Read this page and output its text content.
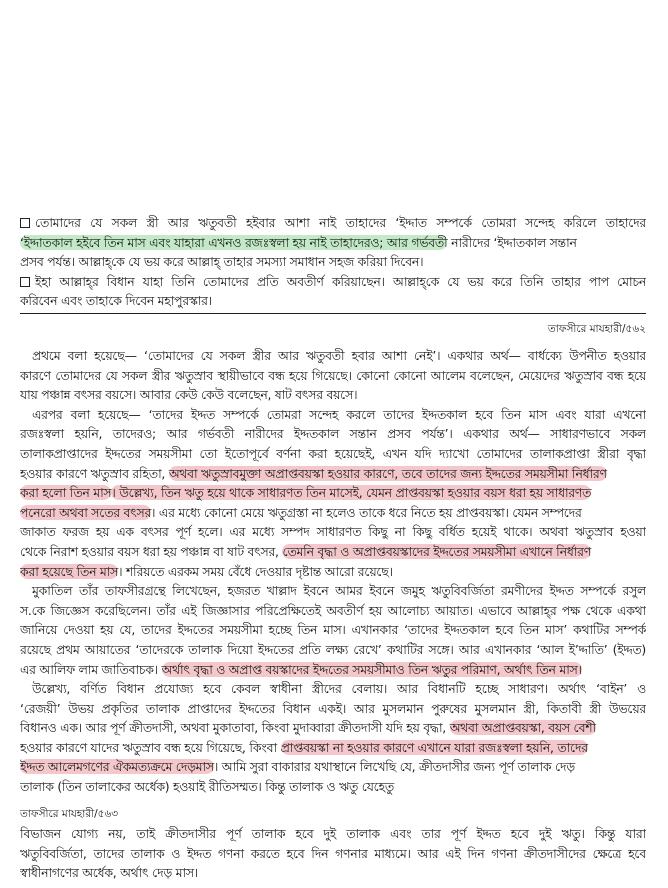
তোমাদের যে সকল স্ত্রী আর ঋতুবতী হইবার আশা নাই তাহাদের ‘ইদ্দাত সম্পর্কে তোমরা সন্দেহ করিলে তাহাদের
‘ইদ্দাতকাল হইবে তিন মাস এবং যাহারা এখনও রজঃস্বলা হয় নাই তাহাদেরও; আর গর্ভবতী নারীদের ‘ইদ্দাতকাল সন্তান
প্রসব পর্যন্ত। আল্লাহ্‌কে যে ভয় করে আল্লাহ্‌ তাহার সমস্যা সমাধান সহজ করিয়া দিবেন।
ইহা আল্লাহ্‌র বিধান যাহা তিনি তোমাদের প্রতি অবতীর্ণ করিয়াছেন। আল্লাহ্‌কে যে ভয় করে তিনি তাহার পাপ মোচন
করিবেন এবং তাহাকে দিবেন মহাপুরস্কার।
তাফসীরে মাযহারী/৫৬২
প্রথমে বলা হয়েছে— ‘তোমাদের যে সকল স্ত্রীর আর ঋতুবতী হবার আশা নেই’। একথার অর্থ— বার্ধক্যে উপনীত হওয়ার
কারণে তোমাদের যে সকল স্ত্রীর ঋতুস্রাব স্থায়ীভাবে বন্ধ হয়ে গিয়েছে। কোনো কোনো আলেম বলেছেন, মেয়েদের ঋতুস্রাব বন্ধ হয়ে
যায় পঞ্চান্ন বৎসর বয়সে। আবার কেউ কেউ বলেছেন, ষাট বৎসর বয়সে।
এরপর বলা হয়েছে— ‘তাদের ইদ্দত সম্পর্কে তোমরা সন্দেহ করলে তাদের ইদ্দতকাল হবে তিন মাস এবং যারা এখনো
রজঃস্বলা হয়নি, তাদেরও; আর গর্ভবতী নারীদের ইদ্দতকাল সন্তান প্রসব পর্যন্ত’। একথার অর্থ— সাধারণভাবে সকল
তালাকপ্রাপ্তাদের ইদ্দতের সময়সীমা তো ইতোপূর্বে বর্ণনা করা হয়েছেই, এখন যদি দ্যাখো তোমাদের তালাকপ্রাপ্তা স্ত্রীরা বৃদ্ধা
হওয়ার কারণে ঋতুস্রাব রহিতা, অথবা ঋতুস্রাবমুক্তা অপ্রাপ্তবয়স্কা হওয়ার কারণে, তবে তাদের জন্য ইদ্দতের সময়সীমা নির্ধারণ
করা হলো তিন মাস। উল্লেখ্য, তিন ঋতু হয়ে থাকে সাধারণত তিন মাসেই, যেমন প্রাপ্তবয়স্কা হওয়ার বয়স ধরা হয় সাধারণত
পনেরো অথবা সতের বৎসর। এর মধ্যে কোনো মেয়ে ঋতুগ্রস্তা না হলেও তাকে ধরে নিতে হয় প্রাপ্তবয়স্কা। যেমন সম্পদের
জাকাত ফরজ হয় এক বৎসর পূর্ণ হলে। এর মধ্যে সম্পদ সাধারণত কিছু না কিছু বর্ধিত হয়েই থাকে। অথবা ঋতুস্রাব হওয়া
থেকে নিরাশ হওয়ার বয়স ধরা হয় পঞ্চান্ন বা ষাট বৎসর, তেমনি বৃদ্ধা ও অপ্রাপ্তবয়স্কাদের ইদ্দতের সময়সীমা এখানে নির্ধারণ
করা হয়েছে তিন মাস। শরিয়তে এরকম সময় বেঁধে দেওয়ার দৃষ্টান্ত আরো রয়েছে।
মুকাতিল তাঁর তাফসীরগ্রন্থে লিখেছেন, হজরত খাল্লাদ ইবনে আমর ইবনে জমুহ ঋতুবিবর্জিতা রমণীদের ইদ্দত সম্পর্কে রসুল
স.কে জিজ্ঞেস করেছিলেন। তাঁর এই জিজ্ঞাসার পরিপ্রেক্ষিতেই অবতীর্ণ হয় আলোচ্য আয়াত। এভাবে আল্লাহ্‌র পক্ষ থেকে একথা
জানিয়ে দেওয়া হয় যে, তাদের ইদ্দতের সময়সীমা হচ্ছে তিন মাস। এখানকার ‘তাদের ইদ্দতকাল হবে তিন মাস’ কথাটির সম্পর্ক
রয়েছে প্রথম আয়াতের ‘তাদেরকে তালাক দিয়ো ইদ্দতের প্রতি লক্ষ্য রেখে’ কথাটির সঙ্গে। আর এখানকার ‘আল ই’দ্দাতি’ (ইদ্দত)
এর আলিফ লাম জাতিবাচক। অর্থাৎ বৃদ্ধা ও অপ্রাপ্ত বয়স্কাদের ইদ্দতের সময়সীমাও তিন ঋতুর পরিমাণ, অর্থাৎ তিন মাস।
উল্লেখ্য, বর্ণিত বিধান প্রযোজ্য হবে কেবল স্বাধীনা স্ত্রীদের বেলায়। আর বিধানটি হচ্ছে সাধারণ। অর্থাৎ ‘বাইন’ ও
‘রেজয়ী’ উভয় প্রকৃতির তালাক প্রাপ্তাদের ইদ্দতের বিধান একই। আর মুসলমান পুরুষের মুসলমান স্ত্রী, কিতাবী স্ত্রী উভয়ের
বিধানও এক। আর পূর্ণ ক্রীতদাসী, অথবা মুকাতাবা, কিংবা মুদাব্বারা ক্রীতদাসী যদি হয় বৃদ্ধা, অথবা অপ্রাপ্তবয়স্কা, বয়স বেশী
হওয়ার কারণে যাদের ঋতুস্রাব বন্ধ হয়ে গিয়েছে, কিংবা প্রাপ্তবয়স্কা না হওয়ার কারণে এখানে যারা রজঃস্বলা হয়নি, তাদের
ইদ্দত আলেমগণের ঐকমত্যক্রমে দেড়মাস। আমি সুরা বাকারার যথাস্থানে লিখেছি যে, ক্রীতদাসীর জন্য পূর্ণ তালাক দেড়
তালাক (তিন তালাকের অর্ধেক) হওয়াই রীতিসম্মত। কিন্তু তালাক ও ঋতু যেহেতু
তাফসীরে মাযহারী/৫৬৩
বিভাজন যোগ্য নয়, তাই ক্রীতদাসীর পূর্ণ তালাক হবে দুই তালাক এবং তার পূর্ণ ইদ্দত হবে দুই ঋতু। কিন্তু যারা
ঋতুবিবর্জিতা, তাদের তালাক ও ইদ্দত গণনা করতে হবে দিন গণনার মাধ্যমে। আর এই দিন গণনা ক্রীতদাসীদের ক্ষেত্রে হবে
স্বাধীনাগণের অর্ধেক, অর্থাৎ দেড় মাস।
